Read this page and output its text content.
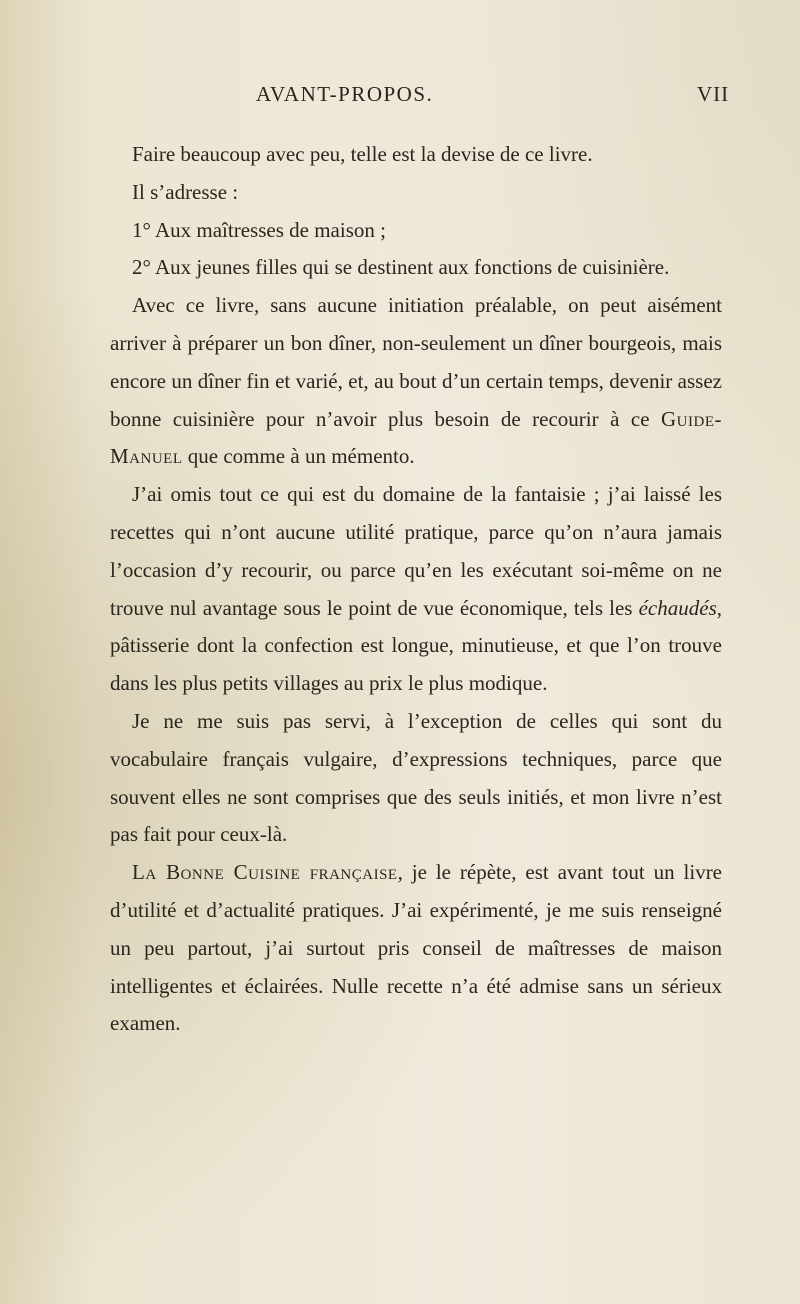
AVANT-PROPOS.	VII

Faire beaucoup avec peu, telle est la devise de ce livre.

Il s’adresse :

1° Aux maîtresses de maison ;

2° Aux jeunes filles qui se destinent aux fonctions de cuisinière.

Avec ce livre, sans aucune initiation préalable, on peut aisément arriver à préparer un bon dîner, non-seulement un dîner bourgeois, mais encore un dîner fin et varié, et, au bout d’un certain temps, devenir assez bonne cuisinière pour n’avoir plus besoin de recourir à ce Guide-Manuel que comme à un mémento.

J’ai omis tout ce qui est du domaine de la fantaisie ; j’ai laissé les recettes qui n’ont aucune utilité pratique, parce qu’on n’aura jamais l’occasion d’y recourir, ou parce qu’en les exécutant soi-même on ne trouve nul avantage sous le point de vue économique, tels les échaudés, pâtisserie dont la confection est longue, minutieuse, et que l’on trouve dans les plus petits villages au prix le plus modique.

Je ne me suis pas servi, à l’exception de celles qui sont du vocabulaire français vulgaire, d’expressions techniques, parce que souvent elles ne sont comprises que des seuls initiés, et mon livre n’est pas fait pour ceux-là.

La Bonne Cuisine française, je le répète, est avant tout un livre d’utilité et d’actualité pratiques. J’ai expérimenté, je me suis renseigné un peu partout, j’ai surtout pris conseil de maîtresses de maison intelligentes et éclairées. Nulle recette n’a été admise sans un sérieux examen.
